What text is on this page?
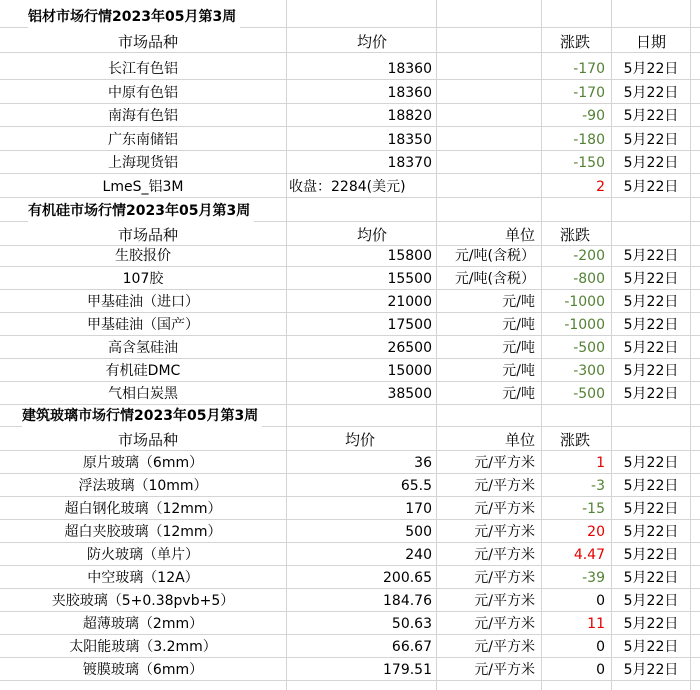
铝材市场行情2023年05月第3周
市场品种	均价	涨跌	日期
长江有色铝	18360	-170	5月22日
中原有色铝	18360	-170	5月22日
南海有色铝	18820	-90	5月22日
广东南储铝	18350	-180	5月22日
上海现货铝	18370	-150	5月22日
LmeS_铝3M	收盘：2284(美元)	2	5月22日
有机硅市场行情2023年05月第3周
市场品种	均价	单位	涨跌
生胶报价	15800	元/吨(含税）	-200	5月22日
107胶	15500	元/吨(含税）	-800	5月22日
甲基硅油（进口）	21000	元/吨	-1000	5月22日
甲基硅油（国产）	17500	元/吨	-1000	5月22日
高含氢硅油	26500	元/吨	-500	5月22日
有机硅DMC	15000	元/吨	-300	5月22日
气相白炭黑	38500	元/吨	-500	5月22日
建筑玻璃市场行情2023年05月第3周
市场品种	均价	单位	涨跌
原片玻璃（6mm）	36	元/平方米	1	5月22日
浮法玻璃（10mm）	65.5	元/平方米	-3	5月22日
超白钢化玻璃（12mm）	170	元/平方米	-15	5月22日
超白夹胶玻璃（12mm）	500	元/平方米	20	5月22日
防火玻璃（单片）	240	元/平方米	4.47	5月22日
中空玻璃（12A）	200.65	元/平方米	-39	5月22日
夹胶玻璃（5+0.38pvb+5）	184.76	元/平方米	0	5月22日
超薄玻璃（2mm）	50.63	元/平方米	11	5月22日
太阳能玻璃（3.2mm）	66.67	元/平方米	0	5月22日
镀膜玻璃（6mm）	179.51	元/平方米	0	5月22日
